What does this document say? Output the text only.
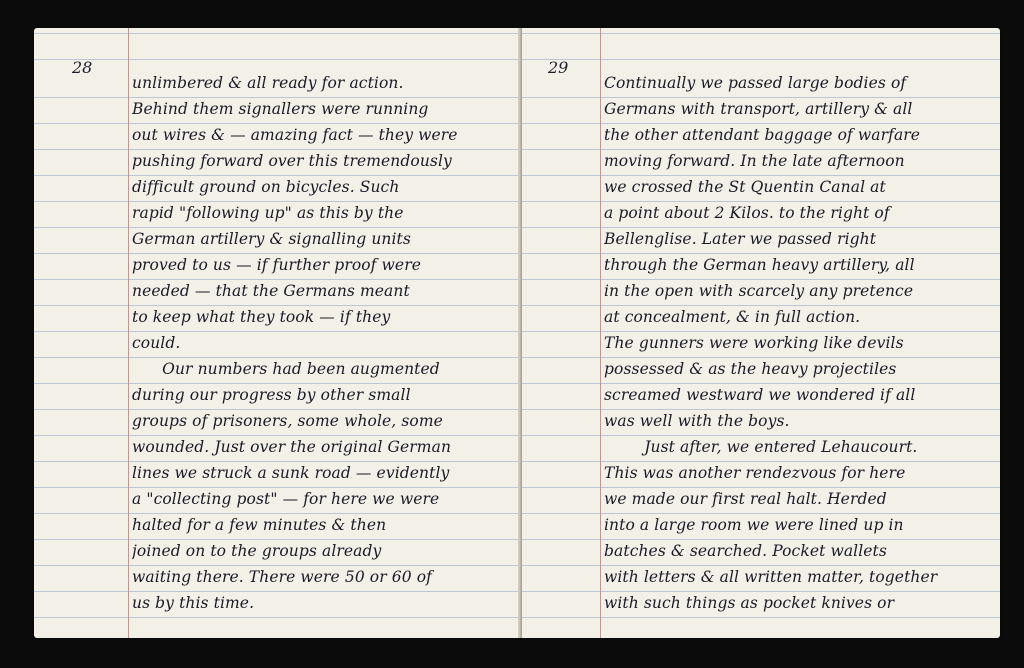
28
unlimbered & all ready for action.
Behind them signallers were running
out wires & — amazing fact — they were
pushing forward over this tremendously
difficult ground on bicycles. Such
rapid "following up" as this by the
German artillery & signalling units
proved to us — if further proof were
needed — that the Germans meant
to keep what they took — if they
could.
Our numbers had been augmented
during our progress by other small
groups of prisoners, some whole, some
wounded. Just over the original German
lines we struck a sunk road — evidently
a "collecting post" — for here we were
halted for a few minutes & then
joined on to the groups already
waiting there. There were 50 or 60 of
us by this time.
29
Continually we passed large bodies of
Germans with transport, artillery & all
the other attendant baggage of warfare
moving forward. In the late afternoon
we crossed the St Quentin Canal at
a point about 2 Kilos. to the right of
Bellenglise. Later we passed right
through the German heavy artillery, all
in the open with scarcely any pretence
at concealment, & in full action.
The gunners were working like devils
possessed & as the heavy projectiles
screamed westward we wondered if all
was well with the boys.
Just after, we entered Lehaucourt.
This was another rendezvous for here
we made our first real halt. Herded
into a large room we were lined up in
batches & searched. Pocket wallets
with letters & all written matter, together
with such things as pocket knives or
